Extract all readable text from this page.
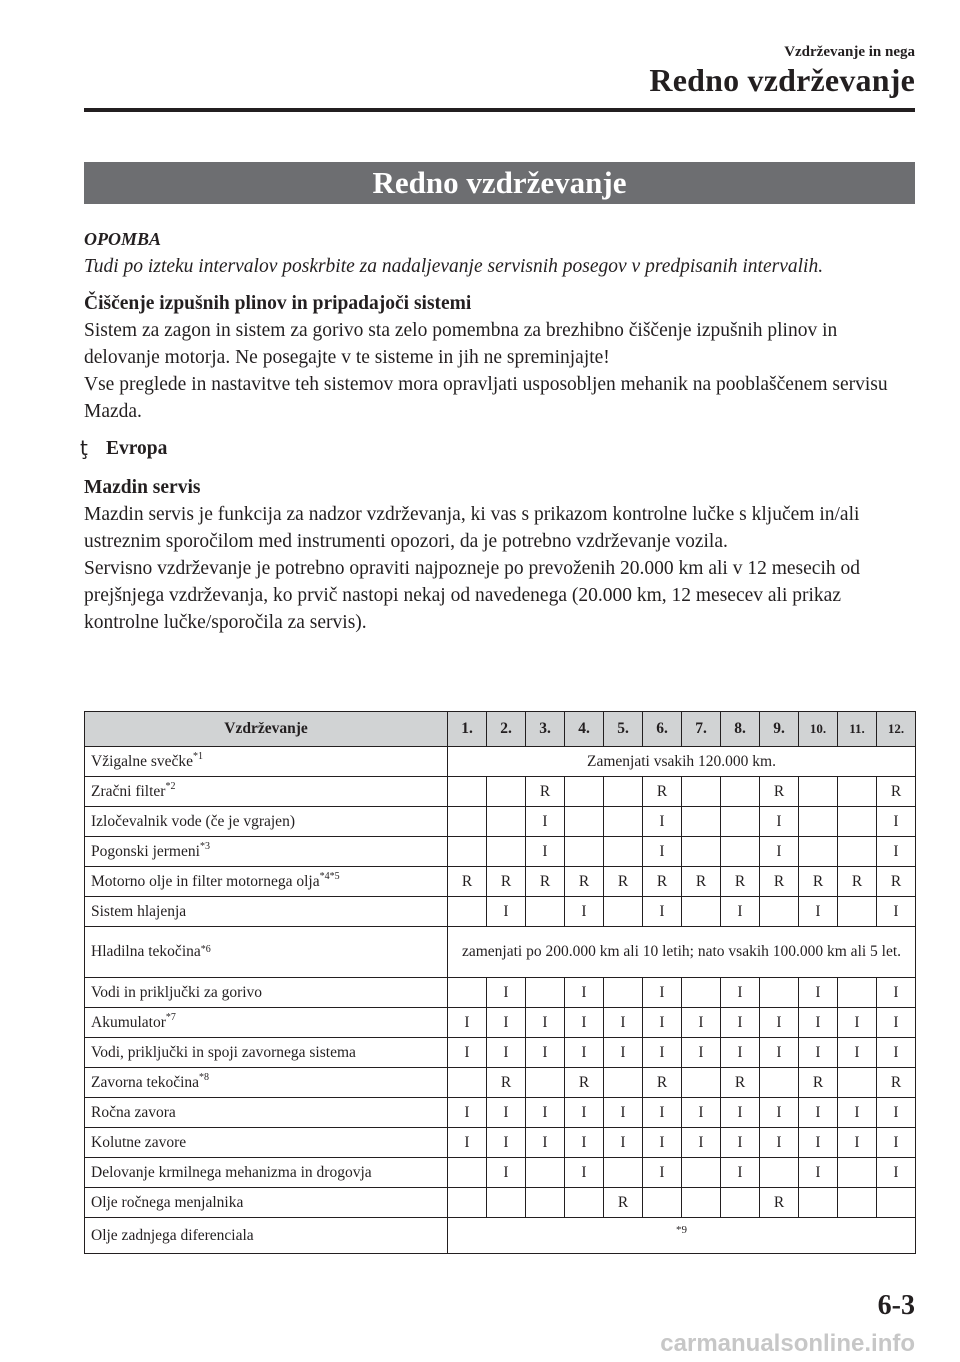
Vzdrževanje in nega
Redno vzdrževanje
Redno vzdrževanje
OPOMBA

Tudi po izteku intervalov poskrbite za nadaljevanje servisnih posegov v predpisanih intervalih.

Čiščenje izpušnih plinov in pripadajoči sistemi

Sistem za zagon in sistem za gorivo sta zelo pomembna za brezhibno čiščenje izpušnih plinov in delovanje motorja. Ne posegajte v te sisteme in jih ne spreminjajte!

Vse preglede in nastavitve teh sistemov mora opravljati usposobljen mehanik na pooblaščenem servisu Mazda.

ţ Evropa

Mazdin servis

Mazdin servis je funkcija za nadzor vzdrževanja, ki vas s prikazom kontrolne lučke s ključem in/ali ustreznim sporočilom med instrumenti opozori, da je potrebno vzdrževanje vozila.

Servisno vzdrževanje je potrebno opraviti najpozneje po prevoženih 20.000 km ali v 12 mesecih od prejšnjega vzdrževanja, ko prvič nastopi nekaj od navedenega (20.000 km, 12 mesecev ali prikaz kontrolne lučke/sporočila za servis).

Vzdrževanje	1.	2.	3.	4.	5.	6.	7.	8.	9.	10.	11.	12.
Vžigalne svečke$^{*1}$	Zamenjati vsakih 120.000 km.											
Zračni filter$^{*2}$			R			R			R			R
Izločevalnik vode (če je vgrajen)			I			I			I			I
Pogonski jermeni$^{*3}$			I			I			I			I
Motorno olje in filter motornega olja$^{*4*5}$	R	R	R	R	R	R	R	R	R	R	R	R
Sistem hlajenja		I		I		I		I		I		I
Hladilna tekočina$^{*6}$	zamenjati po 200.000 km ali 10 letih; nato vsakih 100.000 km ali 5 let.											
Vodi in priključki za gorivo		I		I		I		I		I		I
Akumulator$^{*7}$	I	I	I	I	I	I	I	I	I	I	I	I
Vodi, priključki in spoji zavornega sistema	I	I	I	I	I	I	I	I	I	I	I	I
Zavorna tekočina$^{*8}$		R		R		R		R		R		R
Ročna zavora	I	I	I	I	I	I	I	I	I	I	I	I
Kolutne zavore	I	I	I	I	I	I	I	I	I	I	I	I
Delovanje krmilnega mehanizma in drogovja		I		I		I		I		I		I
Olje ročnega menjalnika					R				R			
Olje zadnjega diferenciala	*9											
6-3
carmanualsonline.info
